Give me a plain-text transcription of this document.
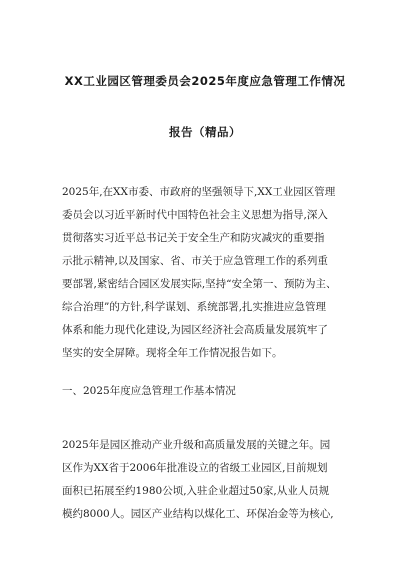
XX工业园区管理委员会2025年度应急管理工作情况
报告（精品）
2025年,在XX市委、市政府的坚强领导下,XX工业园区管理
委员会以习近平新时代中国特色社会主义思想为指导,深入
贯彻落实习近平总书记关于安全生产和防灾减灾的重要指
示批示精神,以及国家、省、市关于应急管理工作的系列重
要部署,紧密结合园区发展实际,坚持“安全第一、预防为主、
综合治理”的方针,科学谋划、系统部署,扎实推进应急管理
体系和能力现代化建设,为园区经济社会高质量发展筑牢了
坚实的安全屏障。现将全年工作情况报告如下。
一、2025年度应急管理工作基本情况
2025年是园区推动产业升级和高质量发展的关键之年。园
区作为XX省于2006年批准设立的省级工业园区,目前规划
面积已拓展至约1980公顷,入驻企业超过50家,从业人员规
模约8000人。园区产业结构以煤化工、环保冶金等为核心,
